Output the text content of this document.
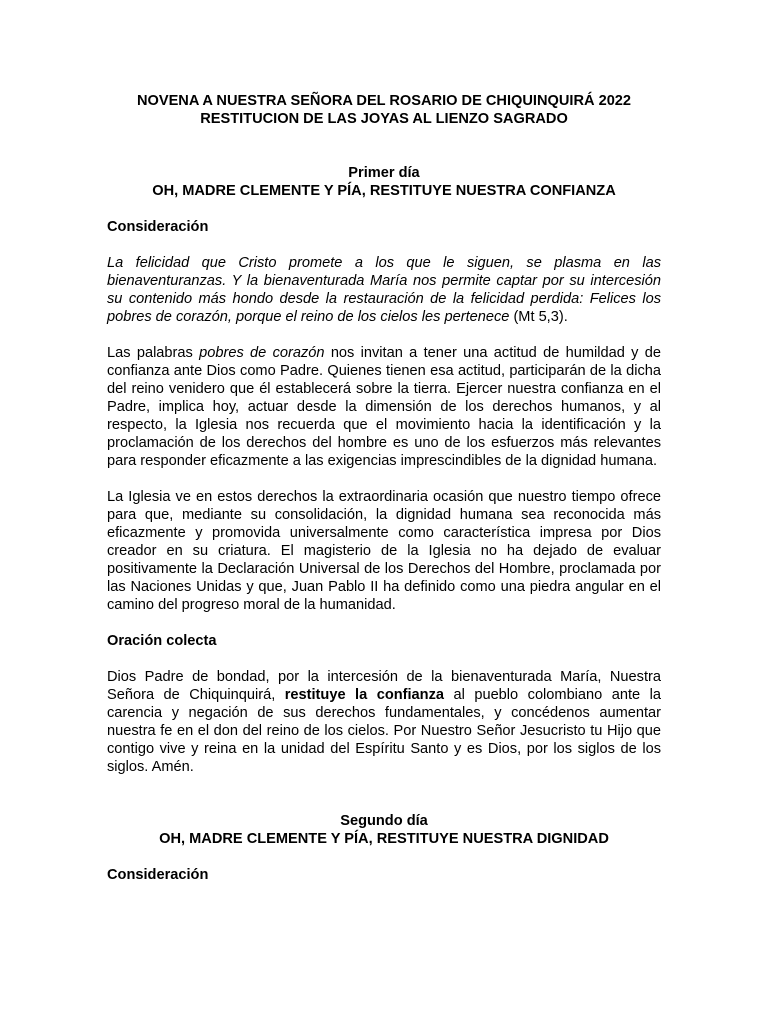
NOVENA A NUESTRA SEÑORA DEL ROSARIO DE CHIQUINQUIRÁ 2022
RESTITUCION DE LAS JOYAS AL LIENZO SAGRADO
Primer día
OH, MADRE CLEMENTE Y PÍA, RESTITUYE NUESTRA CONFIANZA
Consideración

La felicidad que Cristo promete a los que le siguen, se plasma en las bienaventuranzas. Y la bienaventurada María nos permite captar por su intercesión su contenido más hondo desde la restauración de la felicidad perdida: Felices los pobres de corazón, porque el reino de los cielos les pertenece (Mt 5,3).

Las palabras pobres de corazón nos invitan a tener una actitud de humildad y de confianza ante Dios como Padre. Quienes tienen esa actitud, participarán de la dicha del reino venidero que él establecerá sobre la tierra. Ejercer nuestra confianza en el Padre, implica hoy, actuar desde la dimensión de los derechos humanos, y al respecto, la Iglesia nos recuerda que el movimiento hacia la identificación y la proclamación de los derechos del hombre es uno de los esfuerzos más relevantes para responder eficazmente a las exigencias imprescindibles de la dignidad humana.

La Iglesia ve en estos derechos la extraordinaria ocasión que nuestro tiempo ofrece para que, mediante su consolidación, la dignidad humana sea reconocida más eficazmente y promovida universalmente como característica impresa por Dios creador en su criatura. El magisterio de la Iglesia no ha dejado de evaluar positivamente la Declaración Universal de los Derechos del Hombre, proclamada por las Naciones Unidas y que, Juan Pablo II ha definido como una piedra angular en el camino del progreso moral de la humanidad.

Oración colecta

Dios Padre de bondad, por la intercesión de la bienaventurada María, Nuestra Señora de Chiquinquirá, restituye la confianza al pueblo colombiano ante la carencia y negación de sus derechos fundamentales, y concédenos aumentar nuestra fe en el don del reino de los cielos. Por Nuestro Señor Jesucristo tu Hijo que contigo vive y reina en la unidad del Espíritu Santo y es Dios, por los siglos de los siglos. Amén.

Segundo día
OH, MADRE CLEMENTE Y PÍA, RESTITUYE NUESTRA DIGNIDAD
Consideración
